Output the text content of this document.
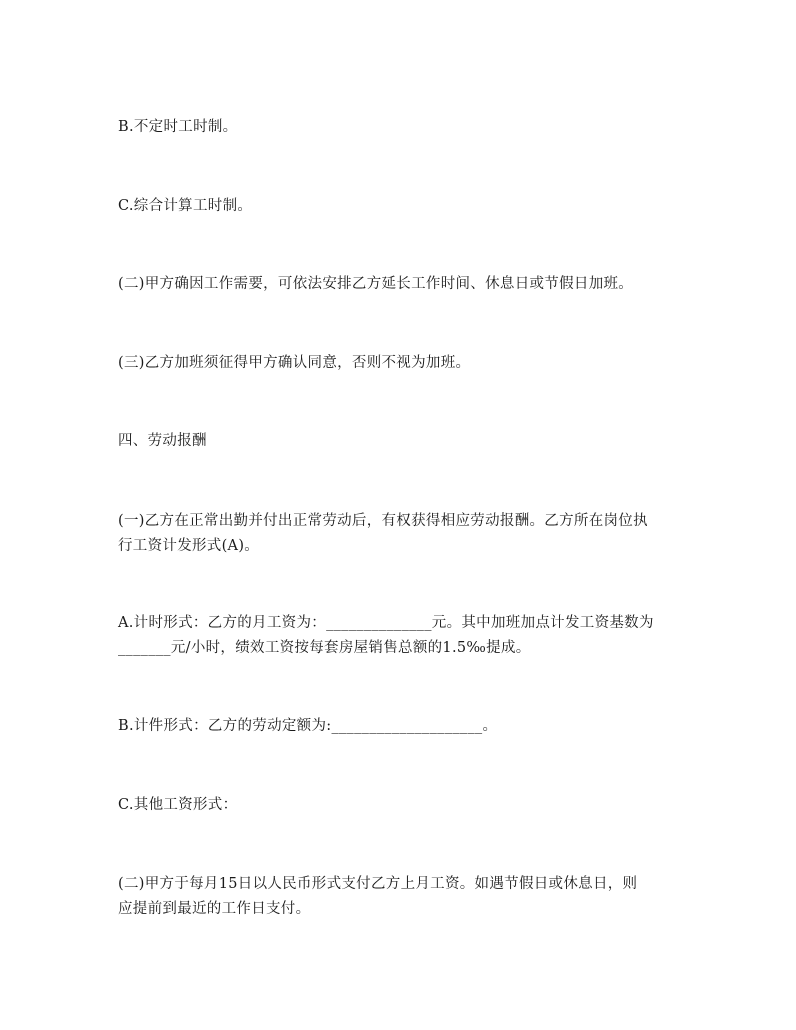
B.不定时工时制。

C.综合计算工时制。

(二)甲方确因工作需要，可依法安排乙方延长工作时间、休息日或节假日加班。

(三)乙方加班须征得甲方确认同意，否则不视为加班。

四、劳动报酬

(一)乙方在正常出勤并付出正常劳动后，有权获得相应劳动报酬。乙方所在岗位执
行工资计发形式(A)。
A.计时形式：乙方的月工资为：______________元。其中加班加点计发工资基数为
_______元/小时，绩效工资按每套房屋销售总额的1.5‰提成。

B.计件形式：乙方的劳动定额为:____________________。

C.其他工资形式：

(二)甲方于每月15日以人民币形式支付乙方上月工资。如遇节假日或休息日，则
应提前到最近的工作日支付。
